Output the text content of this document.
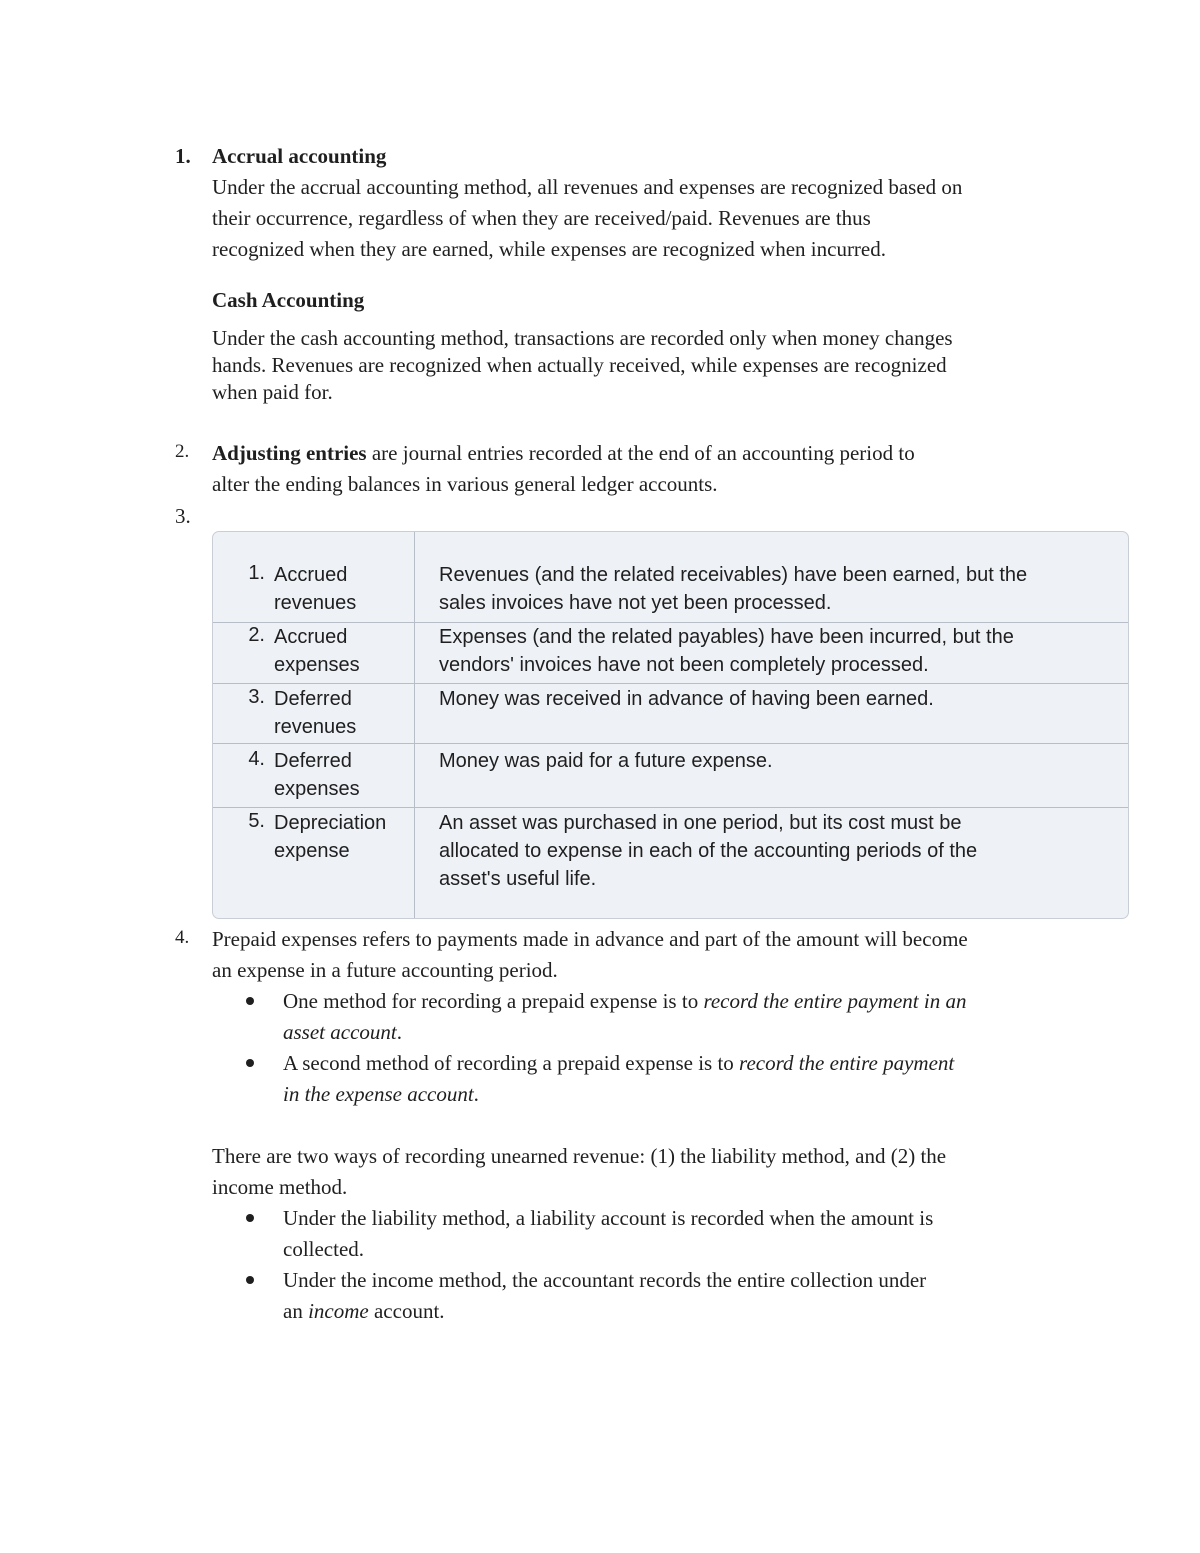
1. Accrual accounting
Under the accrual accounting method, all revenues and expenses are recognized based on
their occurrence, regardless of when they are received/paid. Revenues are thus
recognized when they are earned, while expenses are recognized when incurred.
Cash Accounting
Under the cash accounting method, transactions are recorded only when money changes
hands. Revenues are recognized when actually received, while expenses are recognized
when paid for.
2. Adjusting entries are journal entries recorded at the end of an accounting period to
alter the ending balances in various general ledger accounts.
3.
1. Accrued
revenues
Revenues (and the related receivables) have been earned, but the
sales invoices have not yet been processed.
2. Accrued
expenses
Expenses (and the related payables) have been incurred, but the
vendors' invoices have not been completely processed.
3. Deferred
revenues
Money was received in advance of having been earned.
4. Deferred
expenses
Money was paid for a future expense.
5. Depreciation
expense
An asset was purchased in one period, but its cost must be
allocated to expense in each of the accounting periods of the
asset's useful life.
4. Prepaid expenses refers to payments made in advance and part of the amount will become
an expense in a future accounting period.
One method for recording a prepaid expense is to record the entire payment in an
asset account.
A second method of recording a prepaid expense is to record the entire payment
in the expense account.
There are two ways of recording unearned revenue: (1) the liability method, and (2) the
income method.
Under the liability method, a liability account is recorded when the amount is
collected.
Under the income method, the accountant records the entire collection under
an income account.
